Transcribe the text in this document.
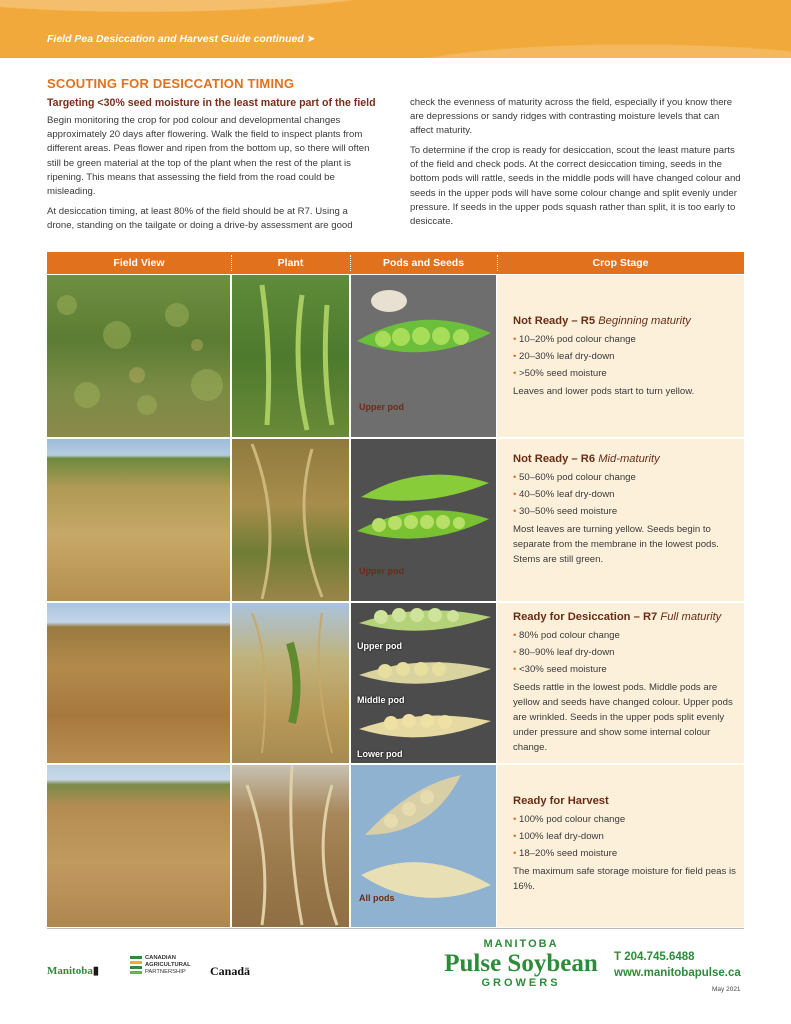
Field Pea Desiccation and Harvest Guide continued ➤
SCOUTING FOR DESICCATION TIMING
Targeting <30% seed moisture in the least mature part of the field

Begin monitoring the crop for pod colour and developmental changes approximately 20 days after flowering. Walk the field to inspect plants from different areas. Peas flower and ripen from the bottom up, so there will often still be green material at the top of the plant when the rest of the plant is ripening. This means that assessing the field from the road could be misleading.

At desiccation timing, at least 80% of the field should be at R7. Using a drone, standing on the tailgate or doing a drive-by assessment are good

check the evenness of maturity across the field, especially if you know there are depressions or sandy ridges with contrasting moisture levels that can affect maturity.

To determine if the crop is ready for desiccation, scout the least mature parts of the field and check pods. At the correct desiccation timing, seeds in the bottom pods will rattle, seeds in the middle pods will have changed colour and seeds in the upper pods will have some colour change and split evenly under pressure. If seeds in the upper pods squash rather than split, it is too early to desiccate.

Field View	Plant	Pods and Seeds	Crop Stage
Upper pod
Not Ready – R5 Beginning maturity
• 10–20% pod colour change
• 20–30% leaf dry-down
• >50% seed moisture
Leaves and lower pods start to turn yellow.
Upper pod
Not Ready – R6 Mid-maturity
• 50–60% pod colour change
• 40–50% leaf dry-down
• 30–50% seed moisture
Most leaves are turning yellow. Seeds begin to separate from the membrane in the lowest pods. Stems are still green.
Upper pod
Middle pod
Lower pod
Ready for Desiccation – R7 Full maturity
• 80% pod colour change
• 80–90% leaf dry-down
• <30% seed moisture
Seeds rattle in the lowest pods. Middle pods are yellow and seeds have changed colour. Upper pods are wrinkled. Seeds in the upper pods split evenly under pressure and show some internal colour change.
All pods
Ready for Harvest
• 100% pod colour change
• 100% leaf dry-down
• 18–20% seed moisture
The maximum safe storage moisture for field peas is 16%.
Manitoba▮
CANADIAN
AGRICULTURAL
PARTNERSHIP	Canadä
MANITOBA
Pulse Soybean
GROWERS
T 204.745.6488
www.manitobapulse.ca
May 2021
